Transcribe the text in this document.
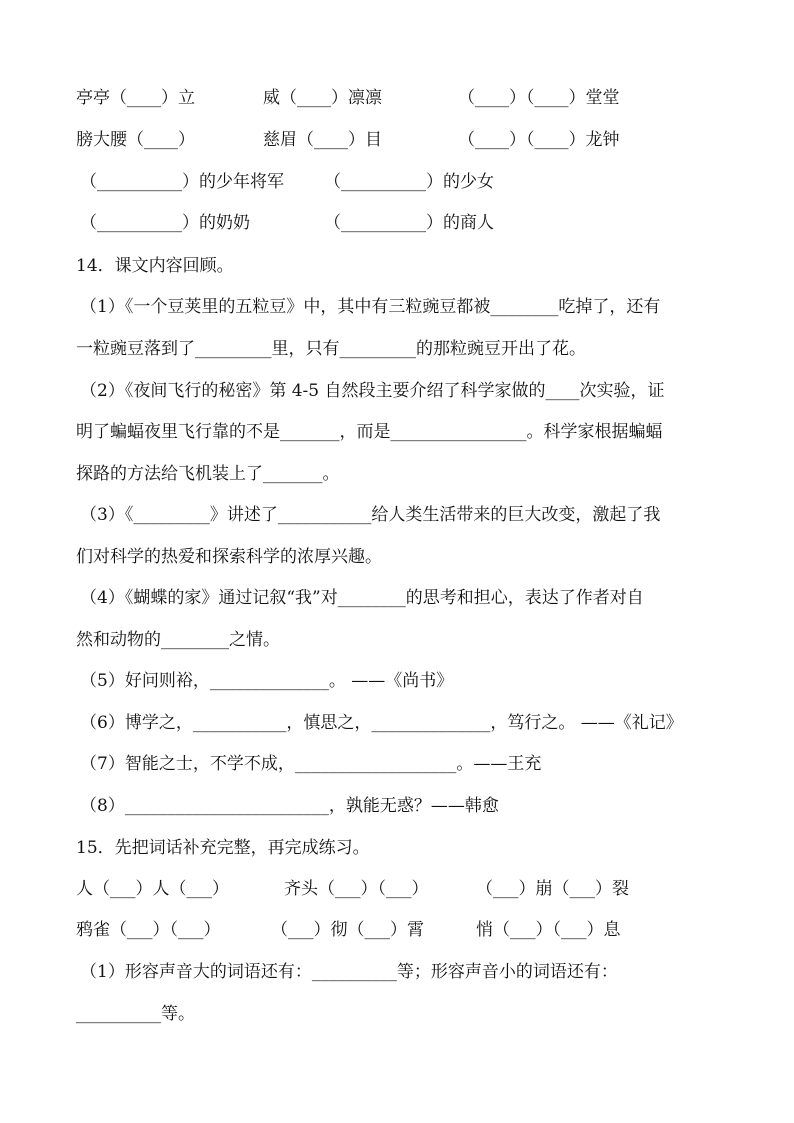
亭亭（____）立	威（____）凛凛	（____）（____）堂堂
膀大腰（____）	慈眉（____）目	（____）（____）龙钟
（__________）的少年将军 （__________）的少女
（__________）的奶奶	（__________）的商人
14．课文内容回顾。
（1）《一个豆荚里的五粒豆》中，其中有三粒豌豆都被________吃掉了，还有
一粒豌豆落到了_________里，只有_________的那粒豌豆开出了花。
（2）《夜间飞行的秘密》第 4-5 自然段主要介绍了科学家做的____次实验，证
明了蝙蝠夜里飞行靠的不是_______，而是________________。科学家根据蝙蝠
探路的方法给飞机装上了_______。
（3）《_________》讲述了___________给人类生活带来的巨大改变，激起了我
们对科学的热爱和探索科学的浓厚兴趣。
（4）《蝴蝶的家》通过记叙“我”对________的思考和担心，表达了作者对自
然和动物的________之情。
（5）好问则裕，______________。 ——《尚书》
（6）博学之，___________，慎思之，______________，笃行之。 ——《礼记》
（7）智能之士，不学不成，___________________。——王充
（8）________________________，孰能无惑？——韩愈
15．先把词话补充完整，再完成练习。
人（___）人（___）	齐头（___）（___）	（___）崩（___）裂
鸦雀（___）（___）	（___）彻（___）霄	悄（___）（___）息
（1）形容声音大的词语还有：__________等；形容声音小的词语还有：
__________等。
